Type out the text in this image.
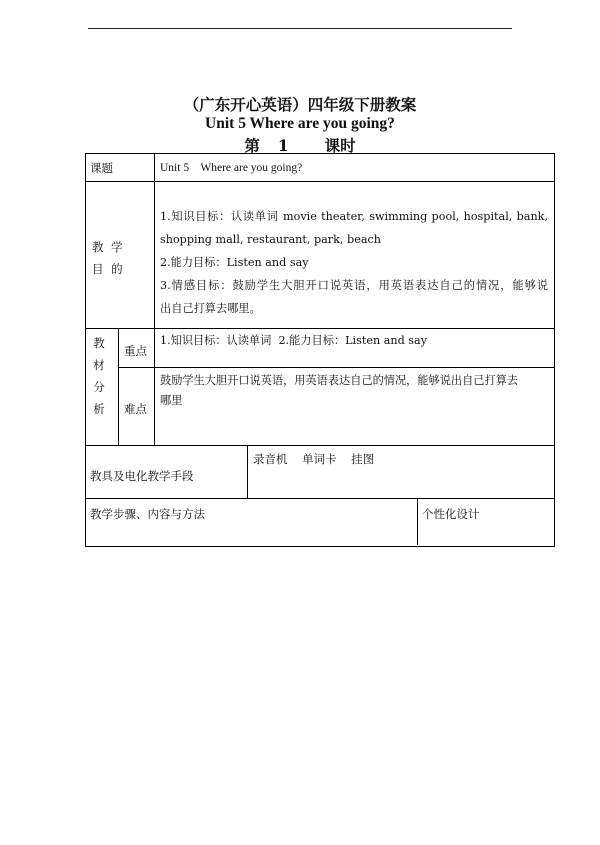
（广东开心英语）四年级下册教案
Unit 5 Where are you going?
第 1 课时
课题	Unit 5    Where are you going?
教 学
目 的
1.知识目标：认读单词 movie theater, swimming pool, hospital, bank,
shopping mall, restaurant, park, beach
2.能力目标：Listen and say
3.情感目标：鼓励学生大胆开口说英语，用英语表达自己的情况，能够说
出自己打算去哪里。
教
材
分
析
重点
1.知识目标：认读单词  2.能力目标：Listen and say
难点
鼓励学生大胆开口说英语，用英语表达自己的情况，能够说出自己打算去
哪里
教具及电化教学手段
录音机    单词卡    挂图
教学步骤、内容与方法	个性化设计
